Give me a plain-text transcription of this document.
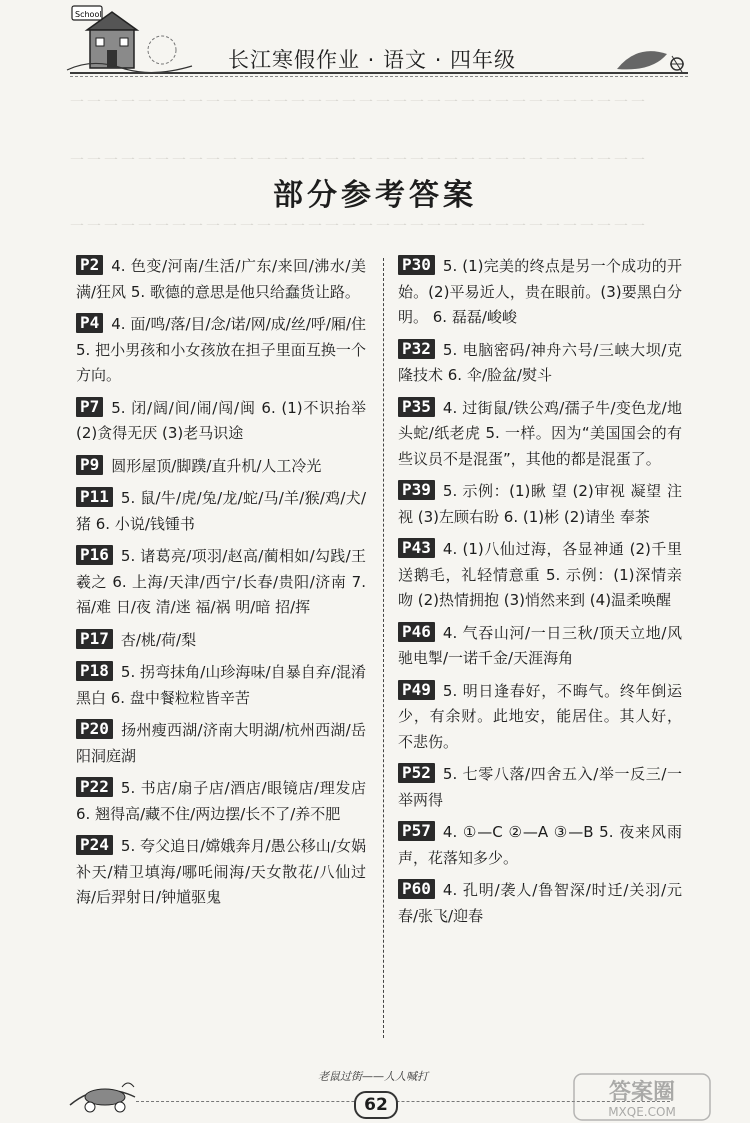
一一一一一一一一一一一一一一一一一一一一一一一一一一一一一一一一一一
一一一一一一一一一一一一一一一一一一一一一一一一一一一一一一一一一一
一一一一一一一一一一一一一一一一一一一一一一一一一一一一一一一一一一
School
长江寒假作业 · 语文 · 四年级
部分参考答案
P2 4. 色变/河南/生活/广东/来回/沸水/美满/狂风 5. 歌德的意思是他只给蠢货让路。
P4 4. 面/鸣/落/目/念/诺/网/成/丝/呼/厢/住 5. 把小男孩和小女孩放在担子里面互换一个方向。
P7 5. 闭/阔/间/闹/闯/闽 6. (1)不识抬举 (2)贪得无厌 (3)老马识途
P9 圆形屋顶/脚蹼/直升机/人工冷光
P11 5. 鼠/牛/虎/兔/龙/蛇/马/羊/猴/鸡/犬/猪 6. 小说/钱锺书
P16 5. 诸葛亮/项羽/赵高/蔺相如/勾践/王羲之 6. 上海/天津/西宁/长春/贵阳/济南 7. 福/难 日/夜 清/迷 福/祸 明/暗 招/挥
P17 杏/桃/荷/梨
P18 5. 拐弯抹角/山珍海味/自暴自弃/混淆黑白 6. 盘中餐粒粒皆辛苦
P20 扬州瘦西湖/济南大明湖/杭州西湖/岳阳洞庭湖
P22 5. 书店/扇子店/酒店/眼镜店/理发店 6. 翘得高/藏不住/两边摆/长不了/养不肥
P24 5. 夸父追日/嫦娥奔月/愚公移山/女娲补天/精卫填海/哪吒闹海/天女散花/八仙过海/后羿射日/钟馗驱鬼
P30 5. (1)完美的终点是另一个成功的开始。(2)平易近人，贵在眼前。(3)要黑白分明。 6. 磊磊/峻峻
P32 5. 电脑密码/神舟六号/三峡大坝/克隆技术 6. 伞/脸盆/熨斗
P35 4. 过街鼠/铁公鸡/孺子牛/变色龙/地头蛇/纸老虎 5. 一样。因为“美国国会的有些议员不是混蛋”，其他的都是混蛋了。
P39 5. 示例：(1)瞅 望 (2)审视 凝望 注视 (3)左顾右盼 6. (1)彬 (2)请坐 奉茶
P43 4. (1)八仙过海，各显神通 (2)千里送鹅毛，礼轻情意重 5. 示例：(1)深情亲吻 (2)热情拥抱 (3)悄然来到 (4)温柔唤醒
P46 4. 气吞山河/一日三秋/顶天立地/风驰电掣/一诺千金/天涯海角
P49 5. 明日逢春好，不晦气。终年倒运少，有余财。此地安，能居住。其人好，不悲伤。
P52 5. 七零八落/四舍五入/举一反三/一举两得
P57 4. ①—C ②—A ③—B 5. 夜来风雨声，花落知多少。
P60 4. 孔明/袭人/鲁智深/时迁/关羽/元春/张飞/迎春
老鼠过街——人人喊打
62	答案圈
MXQE.COM
